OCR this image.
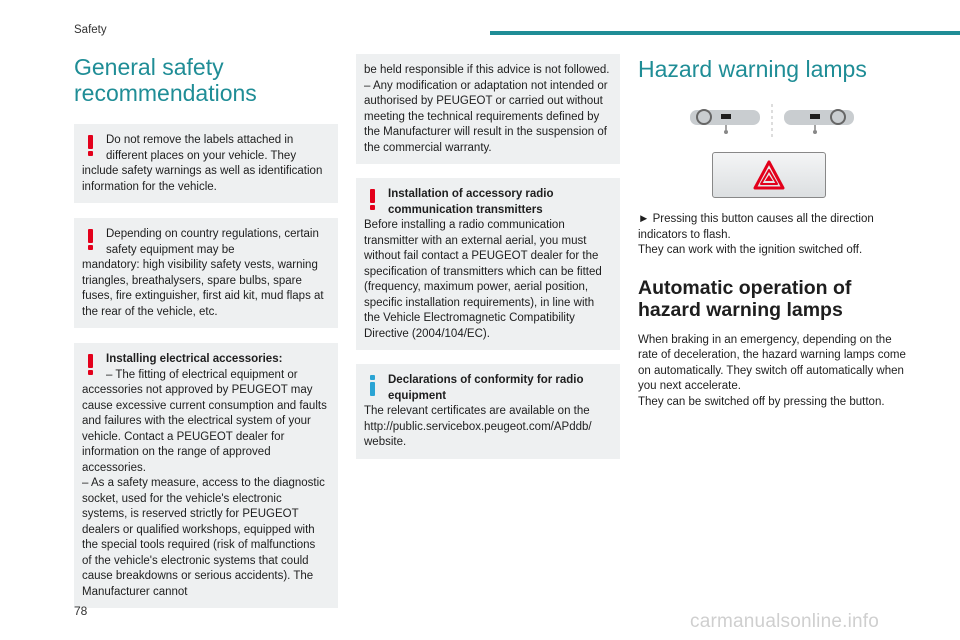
Safety
General safety recommendations

Do not remove the labels attached in different places on your vehicle. They

include safety warnings as well as identification information for the vehicle.

Depending on country regulations, certain safety equipment may be

mandatory: high visibility safety vests, warning triangles, breathalysers, spare bulbs, spare fuses, fire extinguisher, first aid kit, mud flaps at the rear of the vehicle, etc.

Installing electrical accessories:

– The fitting of electrical equipment or

accessories not approved by PEUGEOT may cause excessive current consumption and faults and failures with the electrical system of your vehicle. Contact a PEUGEOT dealer for information on the range of approved accessories.

– As a safety measure, access to the diagnostic socket, used for the vehicle's electronic systems, is reserved strictly for PEUGEOT dealers or qualified workshops, equipped with the special tools required (risk of malfunctions of the vehicle's electronic systems that could cause breakdowns or serious accidents). The Manufacturer cannot

be held responsible if this advice is not followed.

– Any modification or adaptation not intended or authorised by PEUGEOT or carried out without meeting the technical requirements defined by the Manufacturer will result in the suspension of the commercial warranty.

Installation of accessory radio communication transmitters

Before installing a radio communication transmitter with an external aerial, you must without fail contact a PEUGEOT dealer for the specification of transmitters which can be fitted (frequency, maximum power, aerial position, specific installation requirements), in line with the Vehicle Electromagnetic Compatibility Directive (2004/104/EC).

Declarations of conformity for radio equipment

The relevant certificates are available on the http://public.servicebox.peugeot.com/APddb/ website.

Hazard warning lamps

► Pressing this button causes all the direction indicators to flash.

They can work with the ignition switched off.

Automatic operation of hazard warning lamps

When braking in an emergency, depending on the rate of deceleration, the hazard warning lamps come on automatically. They switch off automatically when you next accelerate.

They can be switched off by pressing the button.

78	carmanualsonline.info
